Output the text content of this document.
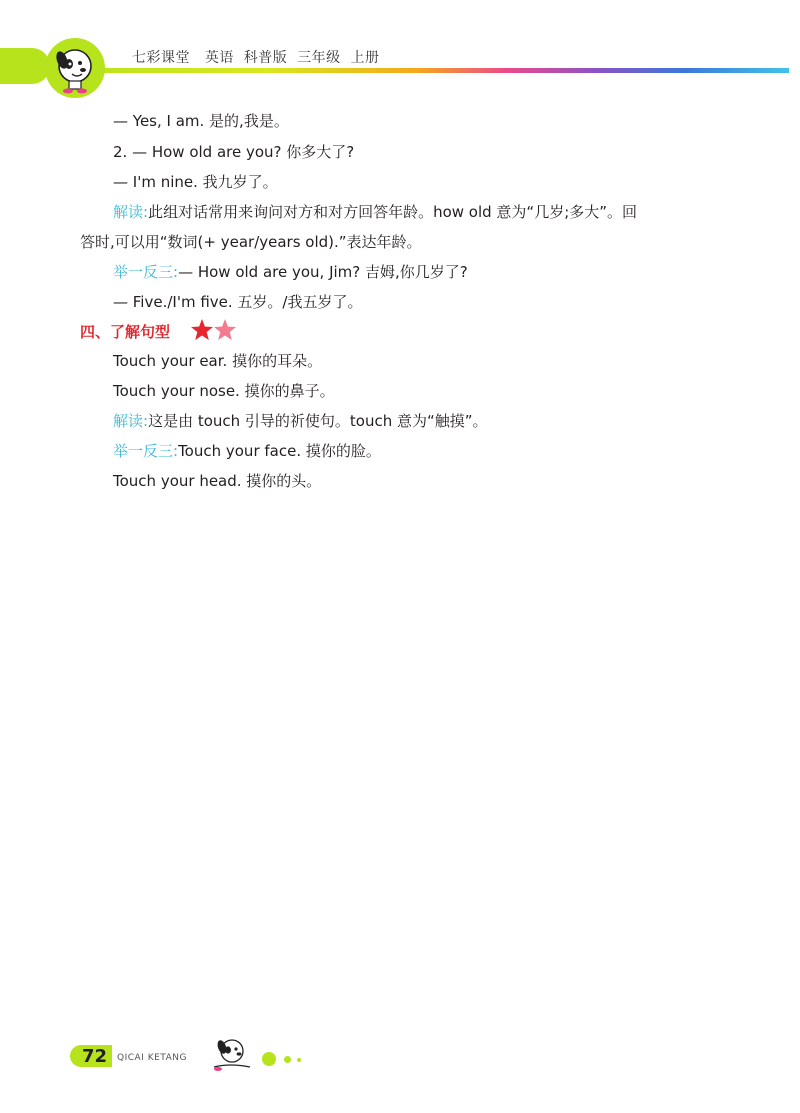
七彩课堂   英语  科普版  三年级  上册
— Yes, I am. 是的,我是。
2. — How old are you? 你多大了?
— I'm nine. 我九岁了。
解读:此组对话常用来询问对方和对方回答年龄。how old 意为“几岁;多大”。回
答时,可以用“数词(+ year/years old).”表达年龄。
举一反三:— How old are you, Jim? 吉姆,你几岁了?
— Five./I'm five. 五岁。/我五岁了。
四、了解句型
Touch your ear. 摸你的耳朵。
Touch your nose. 摸你的鼻子。
解读:这是由 touch 引导的祈使句。touch 意为“触摸”。
举一反三:Touch your face. 摸你的脸。
Touch your head. 摸你的头。
72 QICAI KETANG
